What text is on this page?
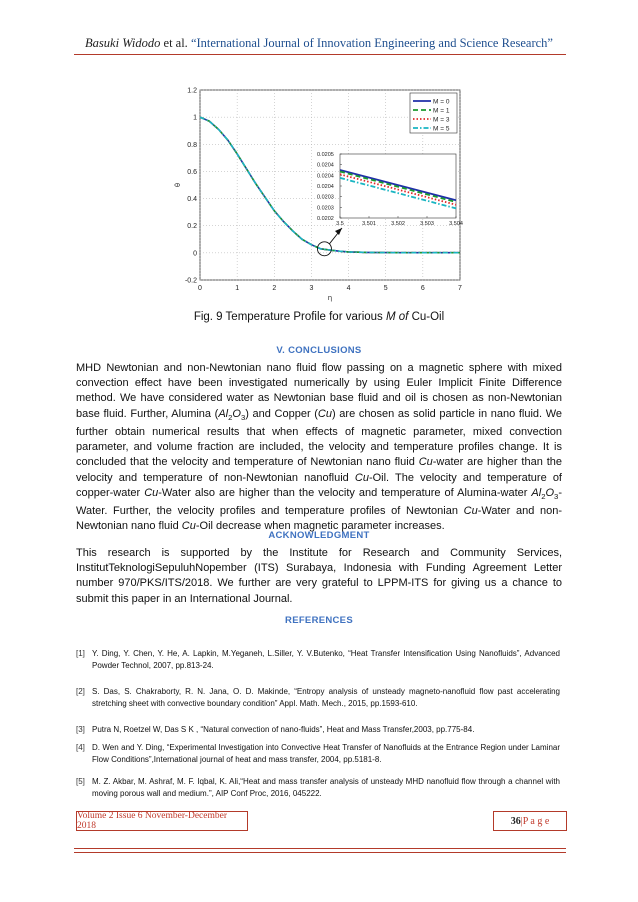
Basuki Widodo et al. “International Journal of Innovation Engineering and Science Research”
0	1	2	3	4	5	6	7
-0.2
0
0.2
0.4
0.6
0.8
1
1.2
η
θ
M = 0
M = 1
M = 3
M = 5
3.5	3.501	3.502	3.503	3.504
0.0202
0.0203
0.0203
0.0204
0.0204
0.0204
0.0205
Fig. 9 Temperature Profile for various M of Cu-Oil
V. CONCLUSIONS
MHD Newtonian and non-Newtonian nano fluid flow passing on a magnetic sphere with mixed convection effect have been investigated numerically by using Euler Implicit Finite Difference method. We have considered water as Newtonian base fluid and oil is chosen as non-Newtonian base fluid. Further, Alumina $(Al_2O_3)$ and Copper (Cu) are chosen as solid particle in nano fluid. We further obtain numerical results that when effects of magnetic parameter, mixed convection parameter, and volume fraction are included, the velocity and temperature profiles change. It is concluded that the velocity and temperature of Newtonian nano fluid Cu-water are higher than the velocity and temperature of non-Newtonian nanofluid Cu-Oil. The velocity and temperature of copper-water Cu-Water also are higher than the velocity and temperature of Alumina-water $Al_2O_3$-Water. Further, the velocity profiles and temperature profiles of Newtonian Cu-Water and non-Newtonian nano fluid Cu-Oil decrease when magnetic parameter increases.
ACKNOWLEDGMENT
This research is supported by the Institute for Research and Community Services, InstitutTeknologiSepuluhNopember (ITS) Surabaya, Indonesia with Funding Agreement Letter number 970/PKS/ITS/2018. We further are very grateful to LPPM-ITS for giving us a chance to submit this paper in an International Journal.
REFERENCES
[1] Y. Ding, Y. Chen, Y. He, A. Lapkin, M.Yeganeh, L.Siller, Y. V.Butenko, “Heat Transfer Intensification Using Nanofluids”, Advanced Powder Technol, 2007, pp.813-24.
[2] S. Das, S. Chakraborty, R. N. Jana, O. D. Makinde, “Entropy analysis of unsteady magneto-nanofluid flow past accelerating stretching sheet with convective boundary condition” Appl. Math. Mech., 2015, pp.1593-610.
[3] Putra N, Roetzel W, Das S K , “Natural convection of nano-fluids”, Heat and Mass Transfer,2003, pp.775-84.
[4] D. Wen and Y. Ding, “Experimental Investigation into Convective Heat Transfer of Nanofluids at the Entrance Region under Laminar Flow Conditions”,International journal of heat and mass transfer, 2004, pp.5181-8.
[5] M. Z. Akbar, M. Ashraf, M. F. Iqbal, K. Ali,“Heat and mass transfer analysis of unsteady MHD nanofluid flow through a channel with moving porous wall and medium.”, AIP Conf Proc, 2016, 045222.
Volume 2 Issue 6 November-December 2018	36 |P a g e
